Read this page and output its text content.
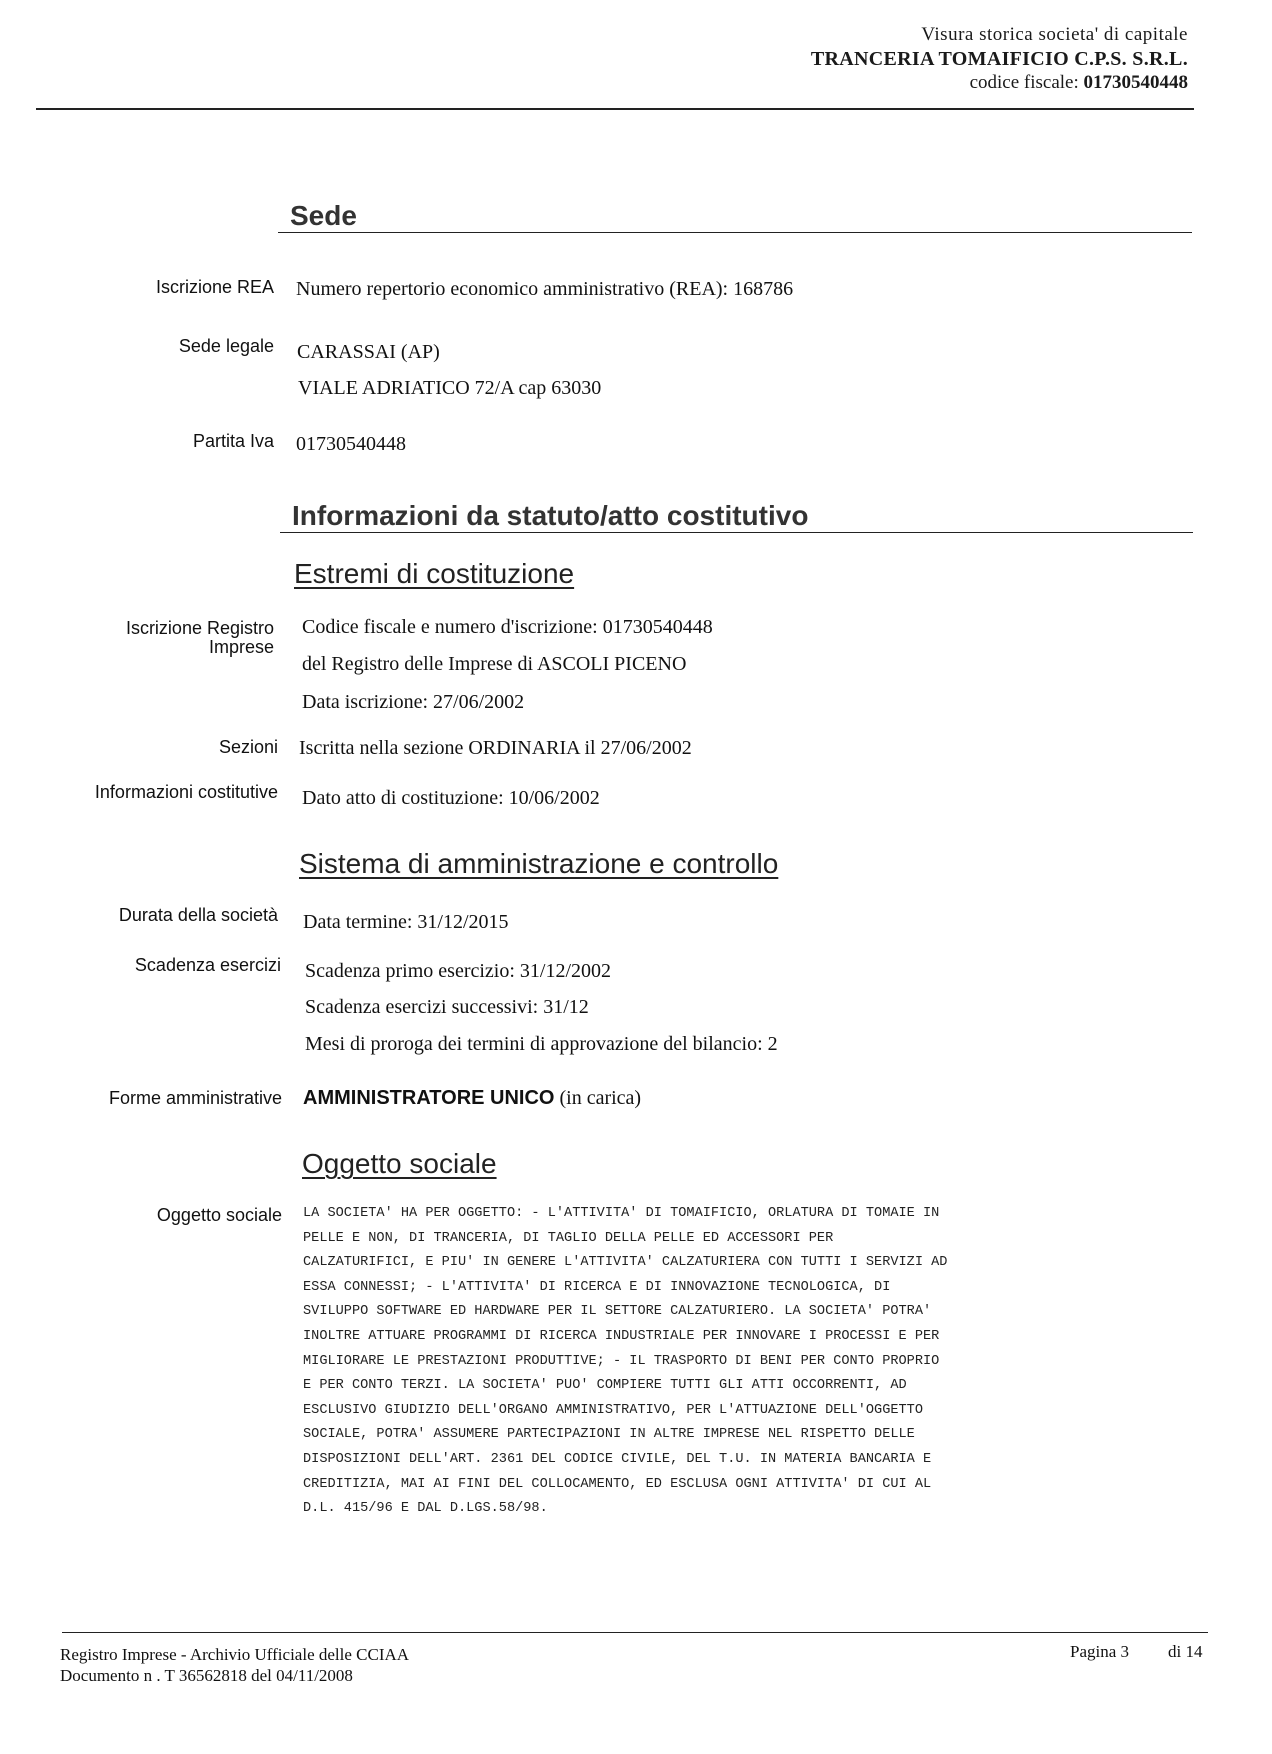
Visura storica societa' di capitale
TRANCERIA TOMAIFICIO C.P.S. S.R.L.
codice fiscale: 01730540448
Sede
Iscrizione REA Numero repertorio economico amministrativo (REA): 168786
Sede legale CARASSAI (AP)
VIALE ADRIATICO 72/A cap 63030
Partita Iva 01730540448
Informazioni da statuto/atto costitutivo
Estremi di costituzione
Iscrizione Registro
Imprese
Codice fiscale e numero d'iscrizione: 01730540448
del Registro delle Imprese di ASCOLI PICENO
Data iscrizione: 27/06/2002
Sezioni Iscritta nella sezione ORDINARIA il 27/06/2002
Informazioni costitutive Dato atto di costituzione: 10/06/2002
Sistema di amministrazione e controllo
Durata della società Data termine: 31/12/2015
Scadenza esercizi Scadenza primo esercizio: 31/12/2002
Scadenza esercizi successivi: 31/12
Mesi di proroga dei termini di approvazione del bilancio: 2
Forme amministrative AMMINISTRATORE UNICO (in carica)
Oggetto sociale
Oggetto sociale LA SOCIETA' HA PER OGGETTO: - L'ATTIVITA' DI TOMAIFICIO, ORLATURA DI TOMAIE IN
PELLE E NON, DI TRANCERIA, DI TAGLIO DELLA PELLE ED ACCESSORI PER
CALZATURIFICI, E PIU' IN GENERE L'ATTIVITA' CALZATURIERA CON TUTTI I SERVIZI AD
ESSA CONNESSI; - L'ATTIVITA' DI RICERCA E DI INNOVAZIONE TECNOLOGICA, DI
SVILUPPO SOFTWARE ED HARDWARE PER IL SETTORE CALZATURIERO. LA SOCIETA' POTRA'
INOLTRE ATTUARE PROGRAMMI DI RICERCA INDUSTRIALE PER INNOVARE I PROCESSI E PER
MIGLIORARE LE PRESTAZIONI PRODUTTIVE; - IL TRASPORTO DI BENI PER CONTO PROPRIO
E PER CONTO TERZI. LA SOCIETA' PUO' COMPIERE TUTTI GLI ATTI OCCORRENTI, AD
ESCLUSIVO GIUDIZIO DELL'ORGANO AMMINISTRATIVO, PER L'ATTUAZIONE DELL'OGGETTO
SOCIALE, POTRA' ASSUMERE PARTECIPAZIONI IN ALTRE IMPRESE NEL RISPETTO DELLE
DISPOSIZIONI DELL'ART. 2361 DEL CODICE CIVILE, DEL T.U. IN MATERIA BANCARIA E
CREDITIZIA, MAI AI FINI DEL COLLOCAMENTO, ED ESCLUSA OGNI ATTIVITA' DI CUI AL
D.L. 415/96 E DAL D.LGS.58/98.
Registro Imprese - Archivio Ufficiale delle CCIAA
Documento n . T 36562818 del 04/11/2008
Pagina 3 di 14
